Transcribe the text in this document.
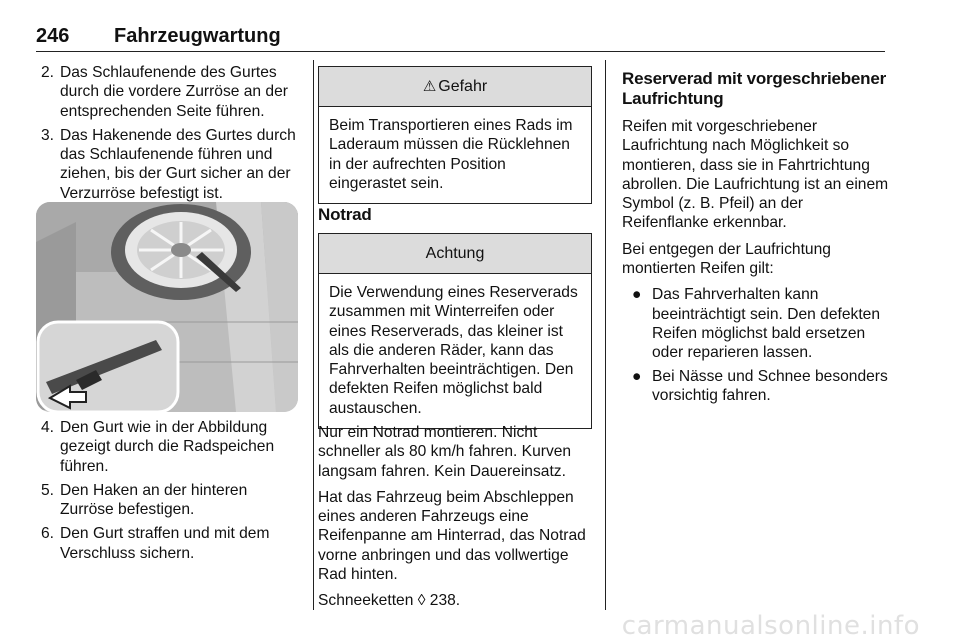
246 Fahrzeugwartung
2. Das Schlaufenende des Gurtes durch die vordere Zurröse an der entsprechenden Seite führen.
3. Das Hakenende des Gurtes durch das Schlaufenende führen und ziehen, bis der Gurt sicher an der Verzurröse befestigt ist.
4. Den Gurt wie in der Abbildung gezeigt durch die Radspeichen führen.
5. Den Haken an der hinteren Zurröse befestigen.
6. Den Gurt straffen und mit dem Verschluss sichern.
⚠ Gefahr
Beim Transportieren eines Rads im Laderaum müssen die Rücklehnen in der aufrechten Position eingerastet sein.
Notrad
Achtung
Die Verwendung eines Reserverads zusammen mit Winterreifen oder eines Reserverads, das kleiner ist als die anderen Räder, kann das Fahrverhalten beeinträchtigen. Den defekten Reifen möglichst bald austauschen.

Nur ein Notrad montieren. Nicht schneller als 80 km/h fahren. Kurven langsam fahren. Kein Dauereinsatz.

Hat das Fahrzeug beim Abschleppen eines anderen Fahrzeugs eine Reifenpanne am Hinterrad, das Notrad vorne anbringen und das vollwertige Rad hinten.

Schneeketten ◊ 238.

Reserverad mit vorgeschriebener Laufrichtung

Reifen mit vorgeschriebener Laufrichtung nach Möglichkeit so montieren, dass sie in Fahrtrichtung abrollen. Die Laufrichtung ist an einem Symbol (z. B. Pfeil) an der Reifenflanke erkennbar.

Bei entgegen der Laufrichtung montierten Reifen gilt:

● Das Fahrverhalten kann beeinträchtigt sein. Den defekten Reifen möglichst bald ersetzen oder reparieren lassen.
● Bei Nässe und Schnee besonders vorsichtig fahren.
carmanualsonline.info
